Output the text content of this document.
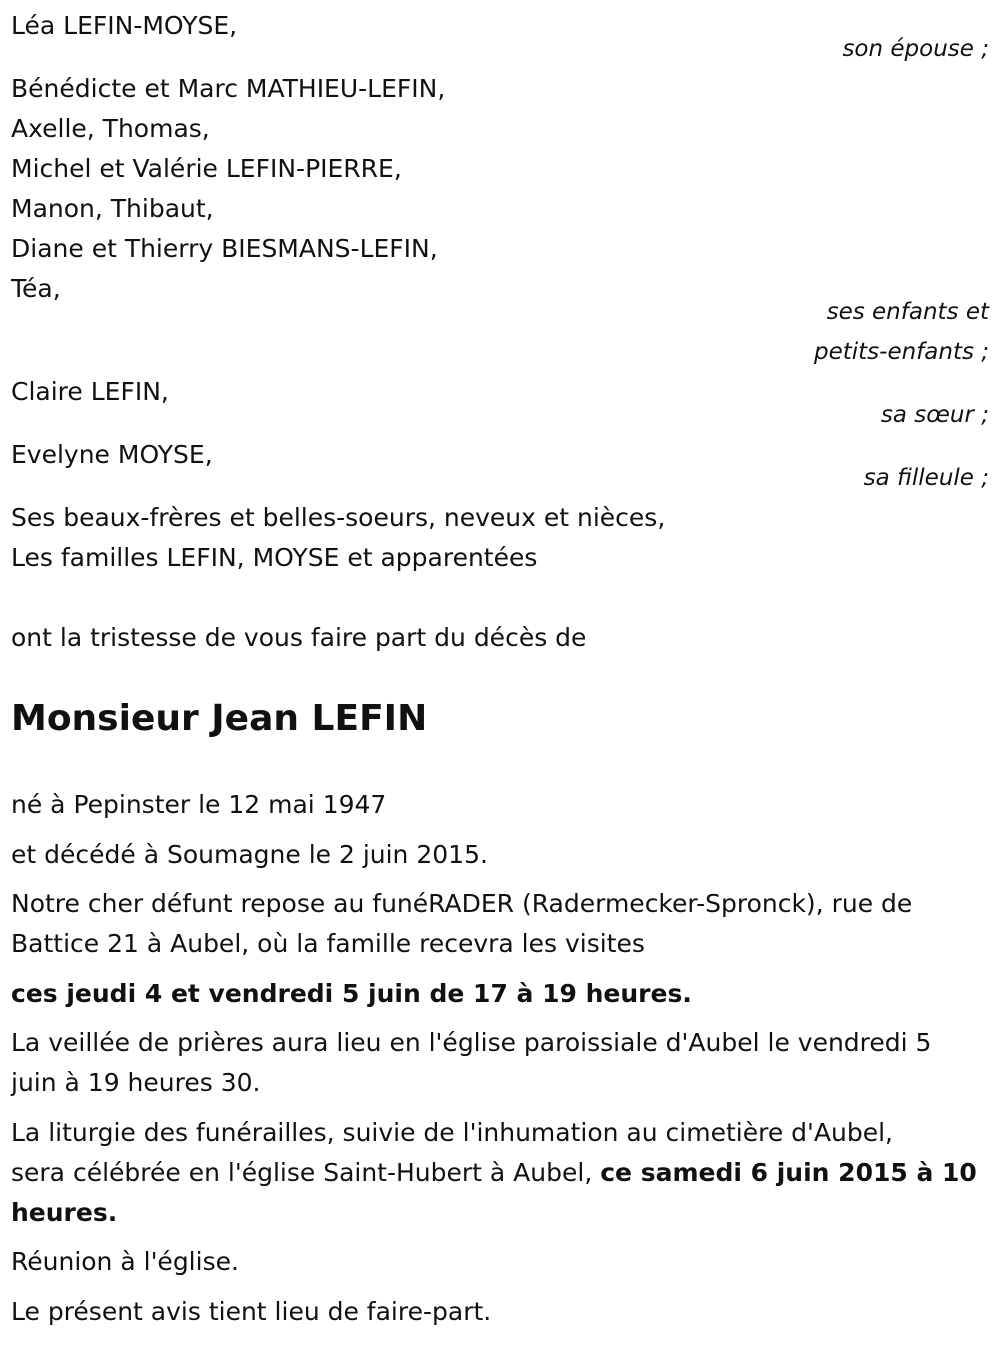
Léa LEFIN-MOYSE,
son épouse ;
Bénédicte et Marc MATHIEU-LEFIN,
Axelle, Thomas,
Michel et Valérie LEFIN-PIERRE,
Manon, Thibaut,
Diane et Thierry BIESMANS-LEFIN,
Téa,
ses enfants et
petits-enfants ;
Claire LEFIN,
sa sœur ;
Evelyne MOYSE,
sa filleule ;
Ses beaux-frères et belles-soeurs, neveux et nièces,
Les familles LEFIN, MOYSE et apparentées
ont la tristesse de vous faire part du décès de
Monsieur Jean LEFIN
né à Pepinster le 12 mai 1947
et décédé à Soumagne le 2 juin 2015.
Notre cher défunt repose au funéRADER (Radermecker-Spronck), rue de
Battice 21 à Aubel, où la famille recevra les visites
ces jeudi 4 et vendredi 5 juin de 17 à 19 heures.
La veillée de prières aura lieu en l'église paroissiale d'Aubel le vendredi 5
juin à 19 heures 30.
La liturgie des funérailles, suivie de l'inhumation au cimetière d'Aubel,
sera célébrée en l'église Saint-Hubert à Aubel, ce samedi 6 juin 2015 à 10
heures.
Réunion à l'église.
Le présent avis tient lieu de faire-part.
